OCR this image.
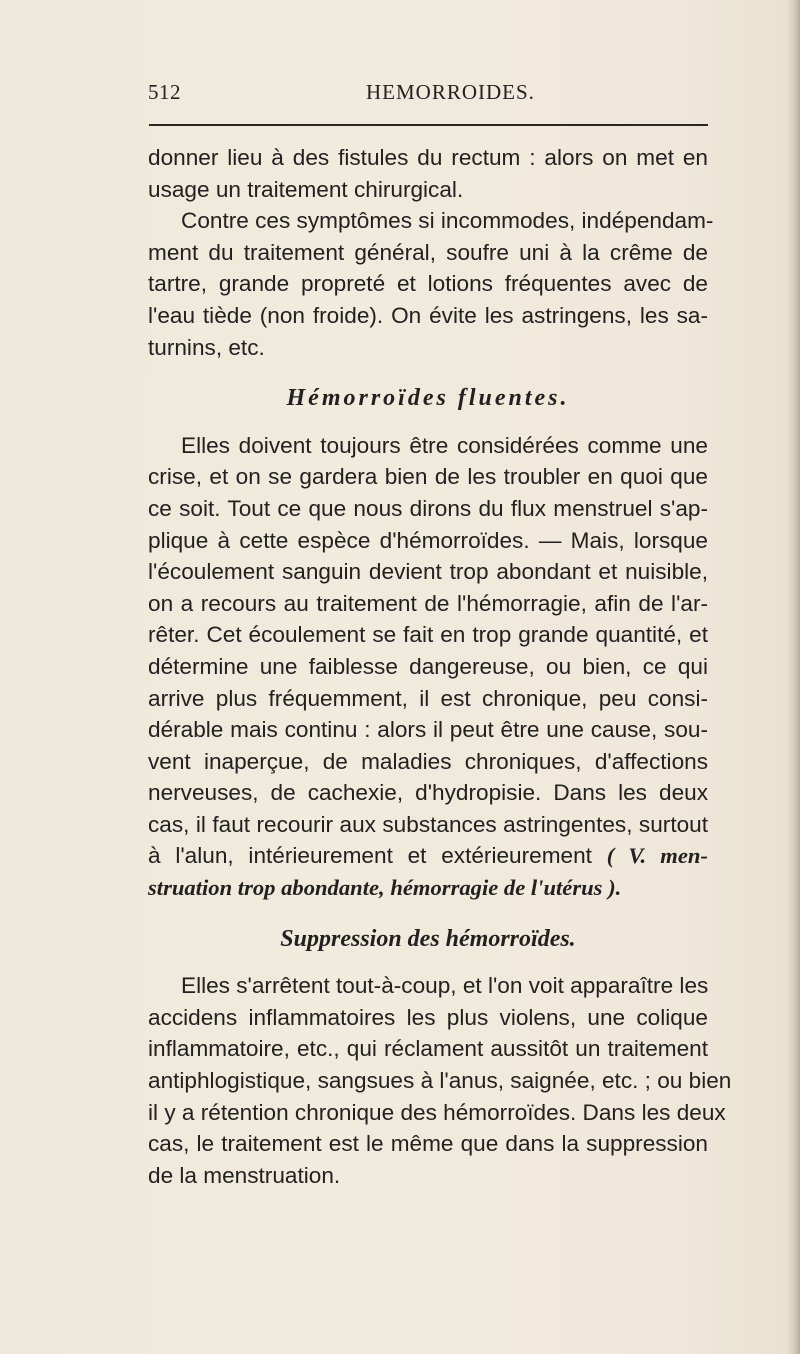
512	HEMORROIDES.
donner lieu à des fistules du rectum : alors on met en
usage un traitement chirurgical.
Contre ces symptômes si incommodes, indépendam-
ment du traitement général, soufre uni à la crême de
tartre, grande propreté et lotions fréquentes avec de
l'eau tiède (non froide). On évite les astringens, les sa-
turnins, etc.
Hémorroïdes fluentes.
Elles doivent toujours être considérées comme une
crise, et on se gardera bien de les troubler en quoi que
ce soit. Tout ce que nous dirons du flux menstruel s'ap-
plique à cette espèce d'hémorroïdes. — Mais, lorsque
l'écoulement sanguin devient trop abondant et nuisible,
on a recours au traitement de l'hémorragie, afin de l'ar-
rêter. Cet écoulement se fait en trop grande quantité, et
détermine une faiblesse dangereuse, ou bien, ce qui
arrive plus fréquemment, il est chronique, peu consi-
dérable mais continu : alors il peut être une cause, sou-
vent inaperçue, de maladies chroniques, d'affections
nerveuses, de cachexie, d'hydropisie. Dans les deux
cas, il faut recourir aux substances astringentes, surtout
à l'alun, intérieurement et extérieurement ( V. men-
struation trop abondante, hémorragie de l'utérus ).
Suppression des hémorroïdes.
Elles s'arrêtent tout-à-coup, et l'on voit apparaître les
accidens inflammatoires les plus violens, une colique
inflammatoire, etc., qui réclament aussitôt un traitement
antiphlogistique, sangsues à l'anus, saignée, etc. ; ou bien
il y a rétention chronique des hémorroïdes. Dans les deux
cas, le traitement est le même que dans la suppression
de la menstruation.
